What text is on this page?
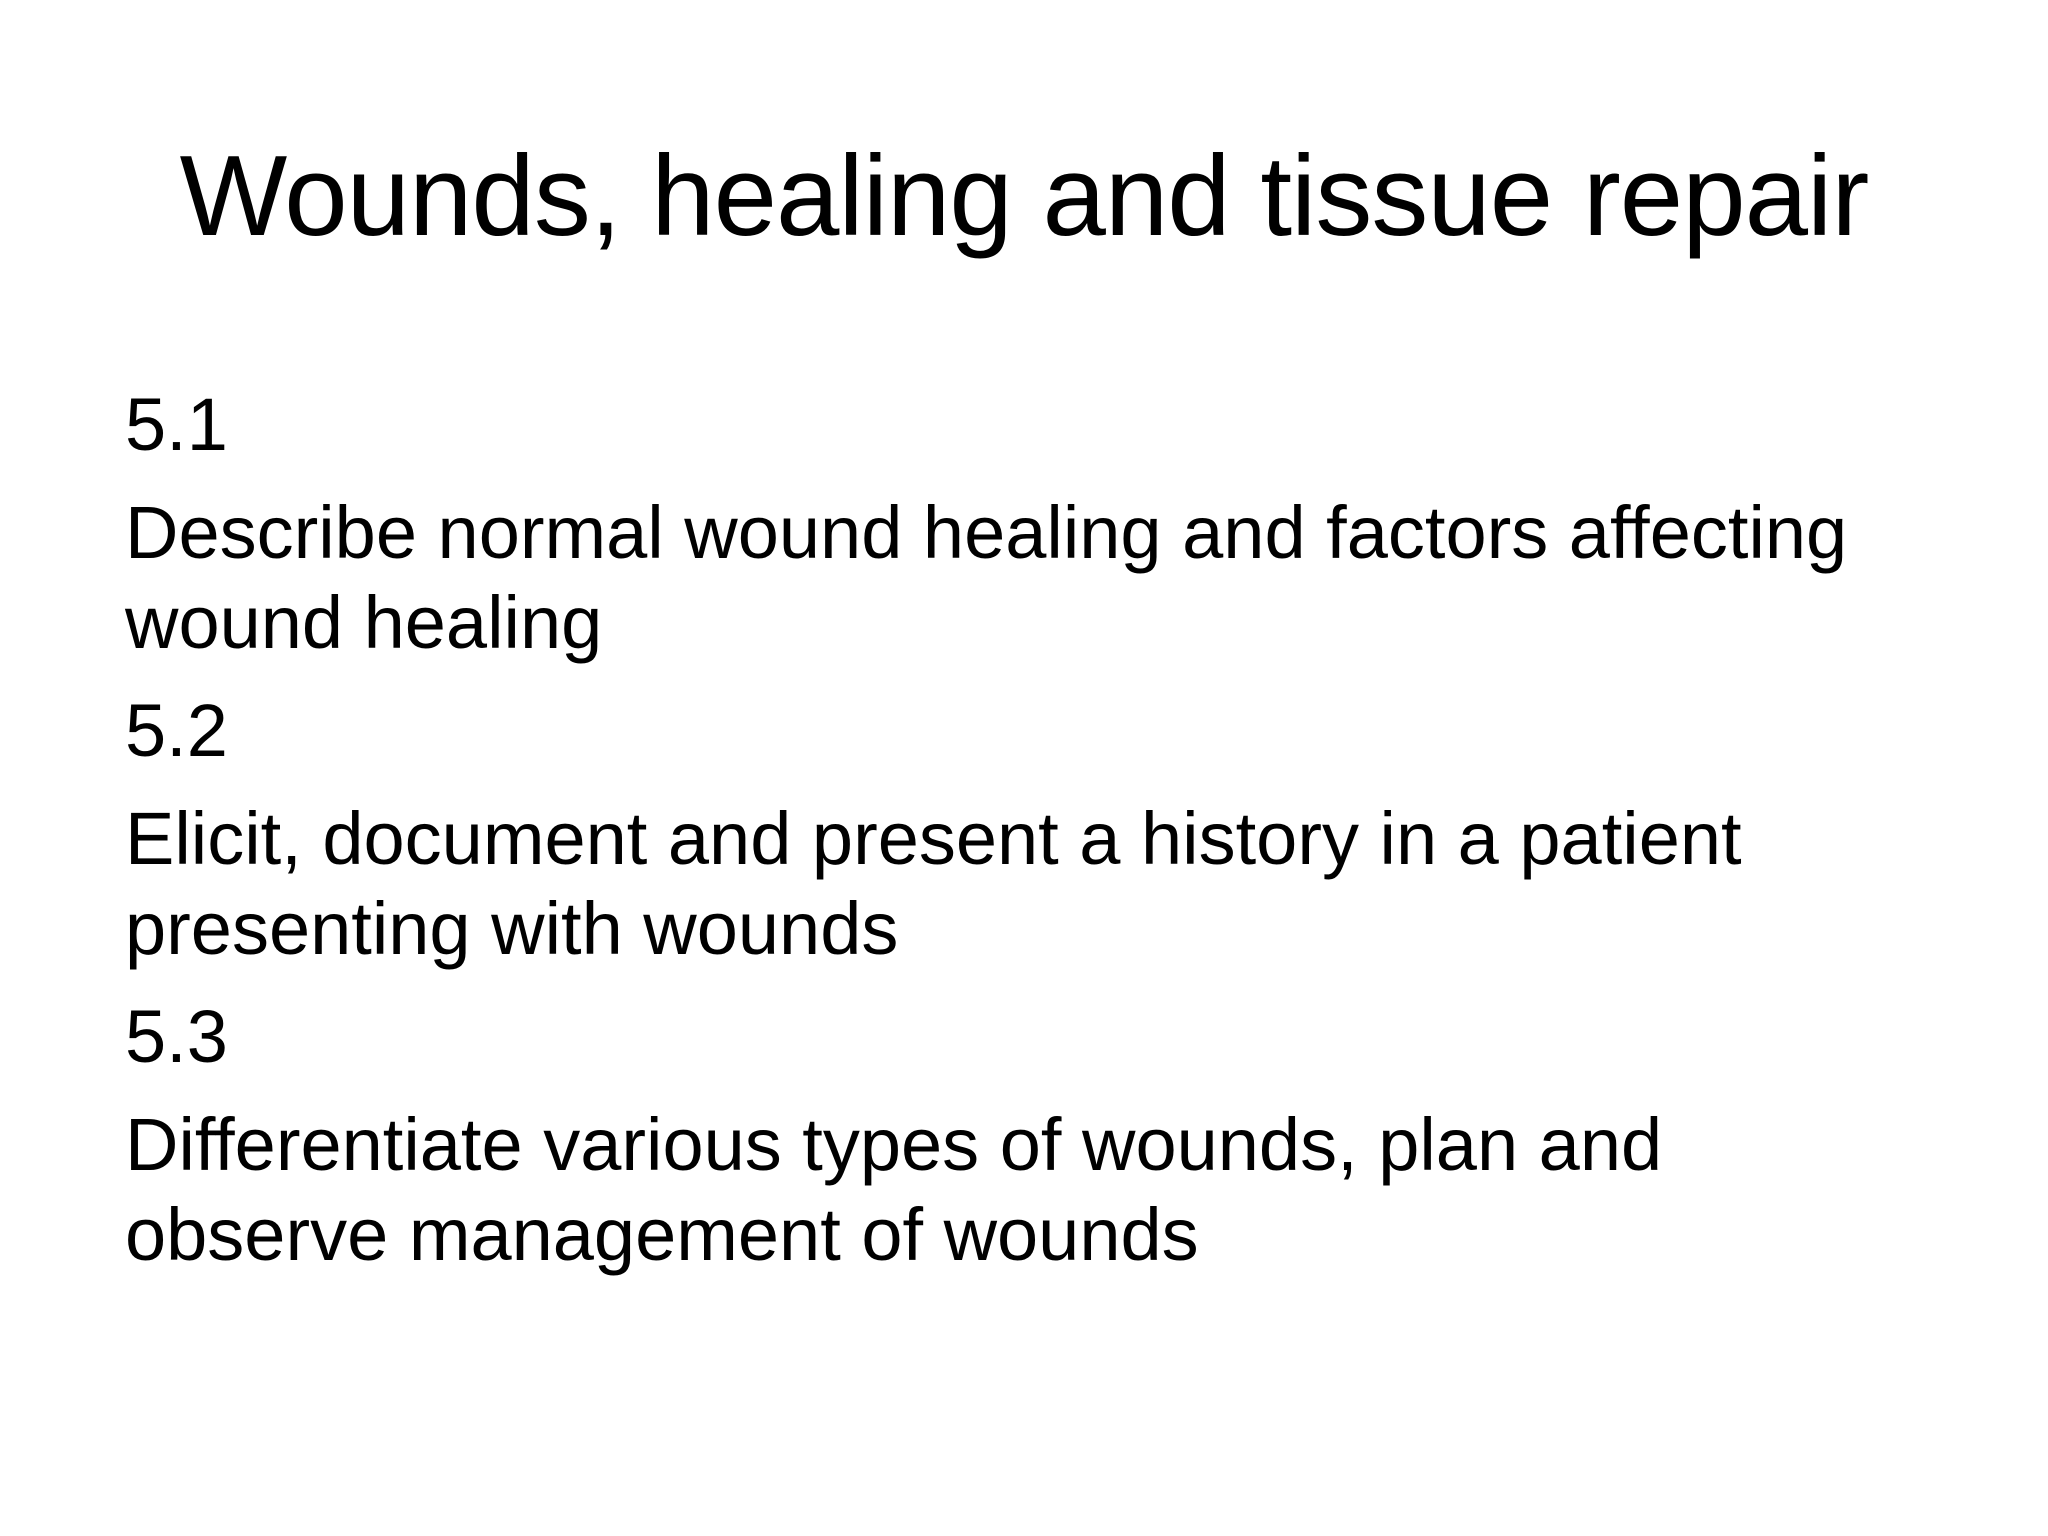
Wounds, healing and tissue repair
5.1
Describe normal wound healing and factors affecting wound healing
5.2
Elicit, document and present a history in a patient presenting with wounds
5.3
Differentiate various types of wounds, plan and observe management of wounds
